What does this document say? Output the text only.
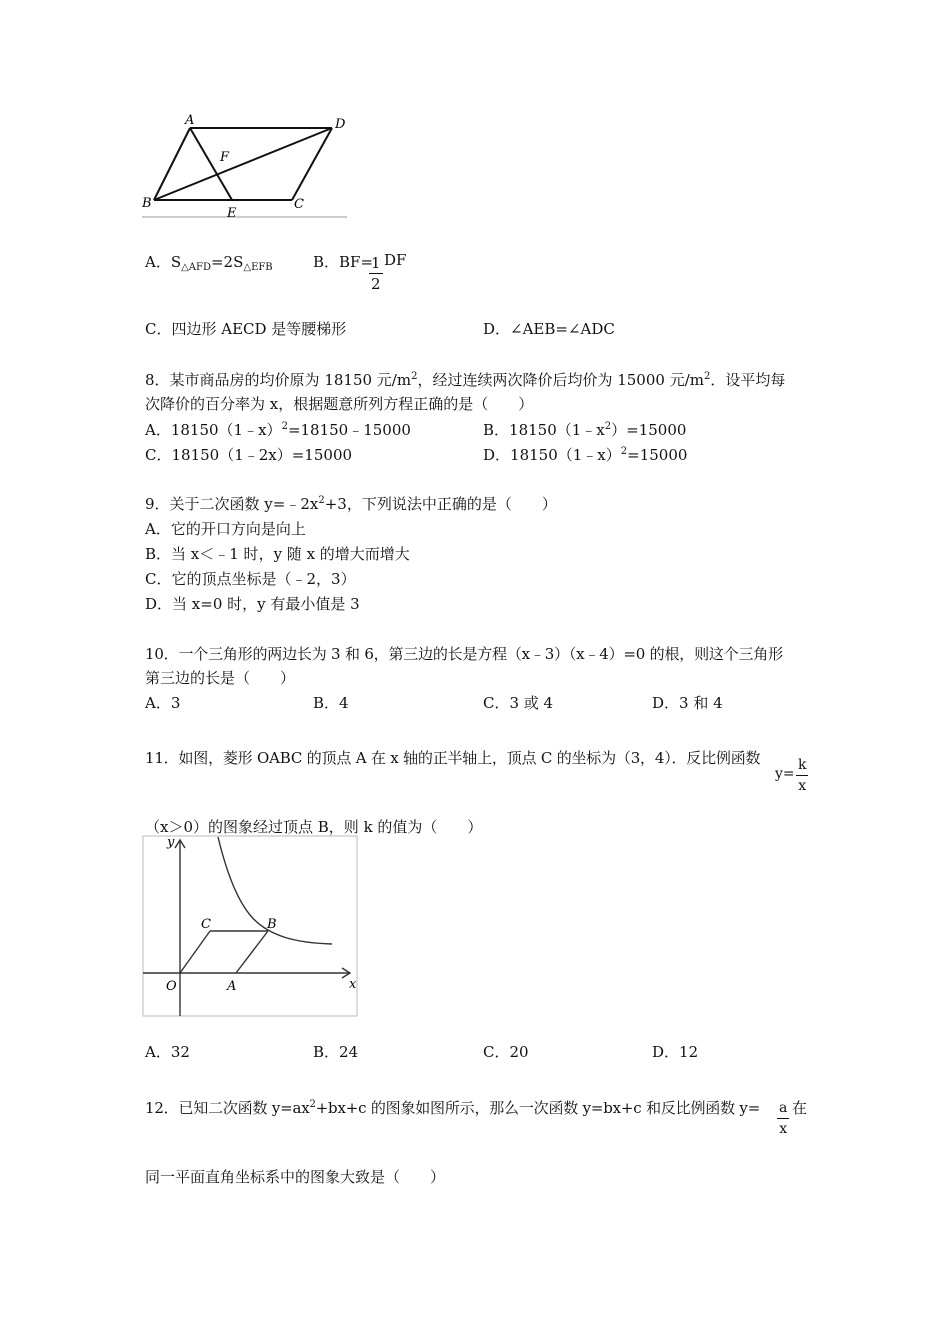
A	D
F
B
E
C
A．$S_{\triangle AFD}=2S_{\triangle EFB}$	B．BF=
$\frac{1}{2}$ DF
C．四边形 AECD 是等腰梯形	D．∠AEB=∠ADC
8．某市商品房的均价原为 18150 元$/m^2$，经过连续两次降价后均价为 15000 元$/m^2$．设平均每
次降价的百分率为 x，根据题意所列方程正确的是（　　）
A．18150（1﹣x）$^2$=18150﹣15000	B．$18150(1﹣x^2)=15000$
C．18150（1﹣2x）=15000	D．18150（1﹣x）$^2$=15000
9．关于二次函数 $y=﹣2x^2+3$，下列说法中正确的是（　　）
A．它的开口方向是向上
B．当 x＜﹣1 时，y 随 x 的增大而增大
C．它的顶点坐标是（﹣2，3）
D．当 x=0 时，y 有最小值是 3
10．一个三角形的两边长为 3 和 6，第三边的长是方程（x﹣3）（x﹣4）=0 的根，则这个三角形
第三边的长是（　　）
A．3	B．4	C．3 或 4	D．3 和 4
11．如图，菱形 OABC 的顶点 A 在 x 轴的正半轴上，顶点 C 的坐标为（3，4）．反比例函数
$y= \frac{k}{x}$
（x＞0）的图象经过顶点 B，则 k 的值为（　　）
y
x
O	A
B
C
A．32	B．24	C．20	D．12
12．已知二次函数 $y=ax^2+bx+c$ 的图象如图所示，那么一次函数 y=bx+c 和反比例函数 $y= \frac{a}{x}$ 在
同一平面直角坐标系中的图象大致是（　　）
